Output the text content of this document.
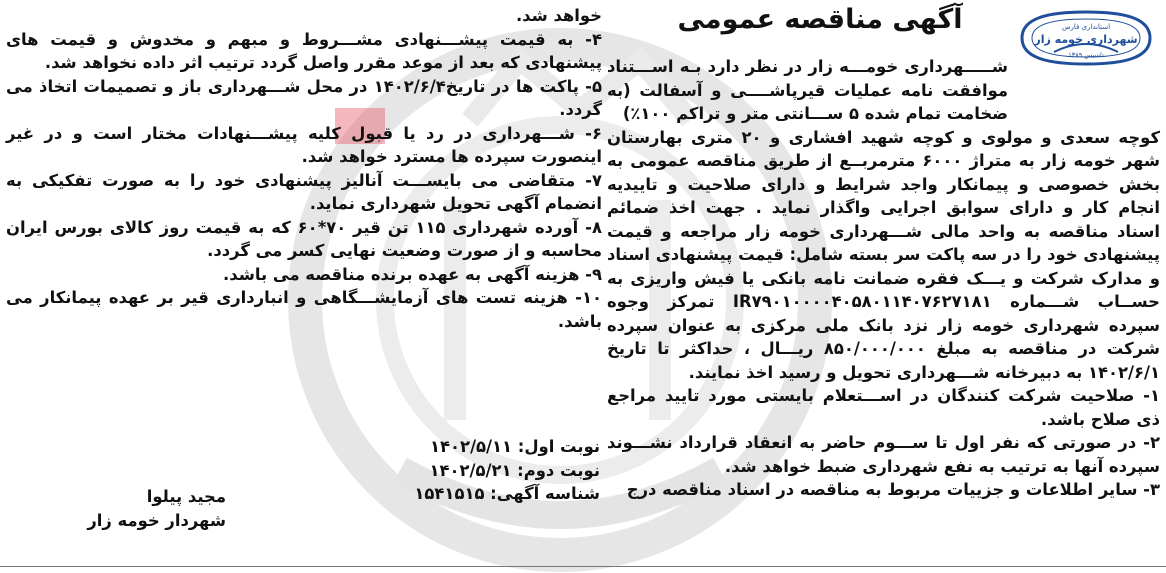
استانداری فارس
شهرداری خومه زار
تاسیس ۱۳۸۹
آگهی مناقصه عمومی

شـــــهرداری خومـــه زار در نظر دارد بـه اســـتناد موافقت نامه عملیات قیرپاشــــی و آسفالت (به ضخامت تمام شده ۵ ســـانتی متر و تراکم ۱۰۰٪)

کوچه سعدی و مولوی و کوچه شهید افشاری و ۲۰ متری بهارستان شهر خومه زار به متراژ ۶۰۰۰ مترمربــع از طریق مناقصه عمومی به بخش خصوصی و پیمانکار واجد شرایط و دارای صلاحیت و تاییدیه انجام کار و دارای سوابق اجرایی واگذار نماید . جهت اخذ ضمائم اسناد مناقصه به واحد مالی شـــهرداری خومه زار مراجعه و قیمت پیشنهادی خود را در سه پاکت سر بسته شامل: قیمت پیشنهادی اسناد و مدارک شرکت و یـــک فقره ضمانت نامه بانکی یا فیش واریزی به حســاب شـــماره IR۷۹۰۱۰۰۰۰۴۰۵۸۰۱۱۴۰۷۶۲۷۱۸۱ تمرکز وجوه سپرده شهرداری خومه زار نزد بانک ملی مرکزی به عنوان سپرده شرکت در مناقصه به مبلغ ۸۵۰/۰۰۰/۰۰۰ ریـــال ، حداکثر تا تاریخ ۱۴۰۲/۶/۱ به دبیرخانه شـــهرداری تحویل و رسید اخذ نمایند.

۱- صلاحیت شرکت کنندگان در اســـتعلام بایستی مورد تایید مراجع ذی صلاح باشد.

۲- در صورتی که نفر اول تا ســـوم حاضر به انعقاد قرارداد نشـــوند سپرده آنها به ترتیب به نفع شهرداری ضبط خواهد شد.

۳- سایر اطلاعات و جزییات مربوط به مناقصه در اسناد مناقصه درج

خواهد شد.

۴- به قیمت پیشـــنهادی مشـــروط و مبهم و مخدوش و قیمت های پیشنهادی که بعد از موعد مقرر واصل گردد ترتیب اثر داده نخواهد شد.

۵- پاکت ها در تاریخ۱۴۰۲/۶/۴ در محل شـــهرداری باز و تصمیمات اتخاذ می گردد.

۶- شـــهرداری در رد یا قبول کلیه پیشـــنهادات مختار است و در غیر اینصورت سپرده ها مسترد خواهد شد.

۷- متقاضی می بایســـت آنالیز پیشنهادی خود را به صورت تفکیکی به انضمام آگهی تحویل شهرداری نماید.

۸- آورده شهرداری ۱۱۵ تن قیر ۷۰*۶۰ که به قیمت روز کالای بورس ایران محاسبه و از صورت وضعیت نهایی کسر می گردد.

۹- هزینه آگهی به عهده برنده مناقصه می باشد.

۱۰- هزینه تست های آزمایشـــگاهی و انبارداری قیر بر عهده پیمانکار می باشد.

نوبت اول: ۱۴۰۲/۵/۱۱
نوبت دوم: ۱۴۰۲/۵/۲۱
شناسه آگهی: ۱۵۴۱۵۱۵
مجید پیلوا
شهردار خومه زار
